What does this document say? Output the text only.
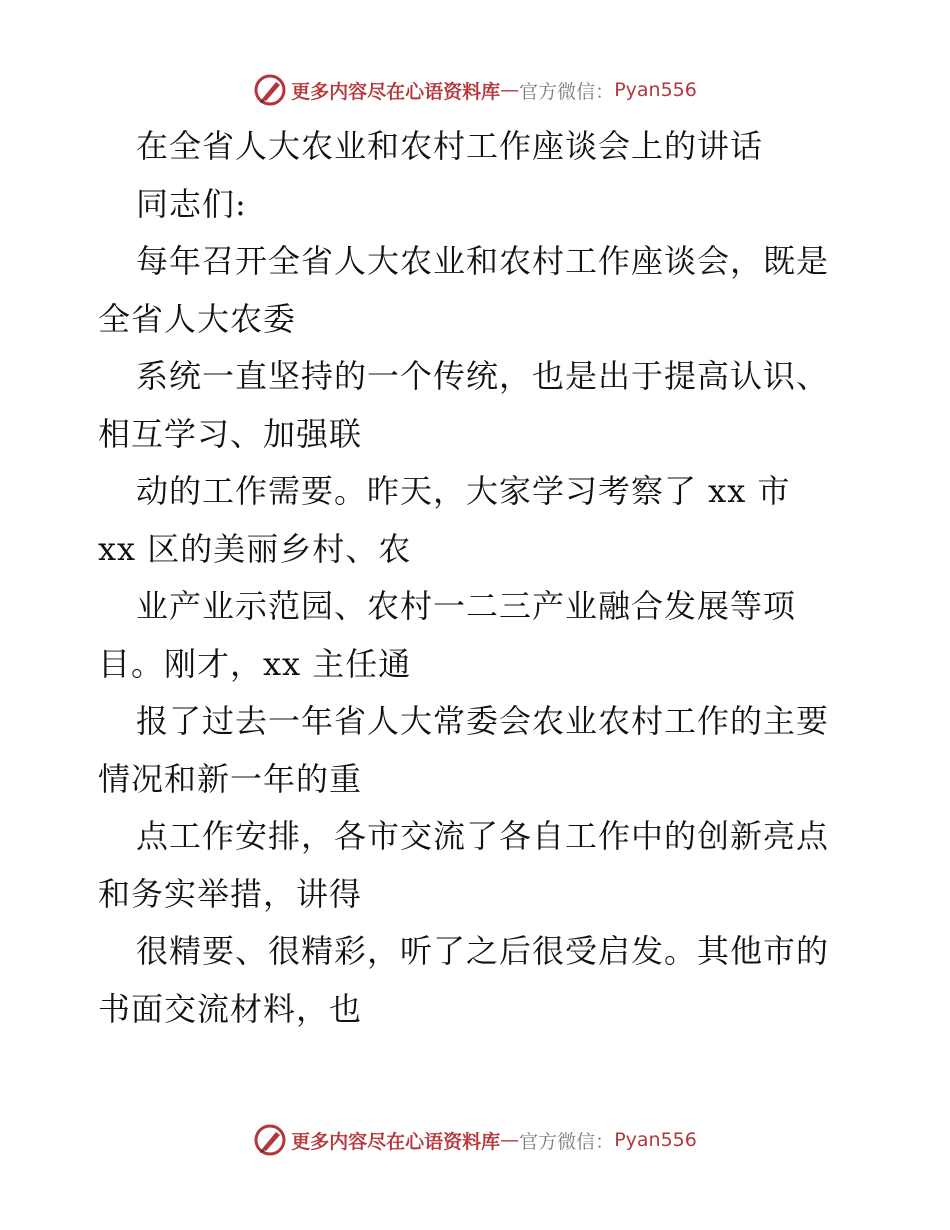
更多内容尽在心语资料库 — 官方微信： Pyan556
在全省人大农业和农村工作座谈会上的讲话
同志们:
每年召开全省人大农业和农村工作座谈会，既是
全省人大农委
系统一直坚持的一个传统，也是出于提高认识、
相互学习、加强联
动的工作需要。昨天，大家学习考察了 xx 市
xx 区的美丽乡村、农
业产业示范园、农村一二三产业融合发展等项
目。刚才，xx 主任通
报了过去一年省人大常委会农业农村工作的主要
情况和新一年的重
点工作安排，各市交流了各自工作中的创新亮点
和务实举措，讲得
很精要、很精彩，听了之后很受启发。其他市的
书面交流材料，也
更多内容尽在心语资料库 — 官方微信： Pyan556
